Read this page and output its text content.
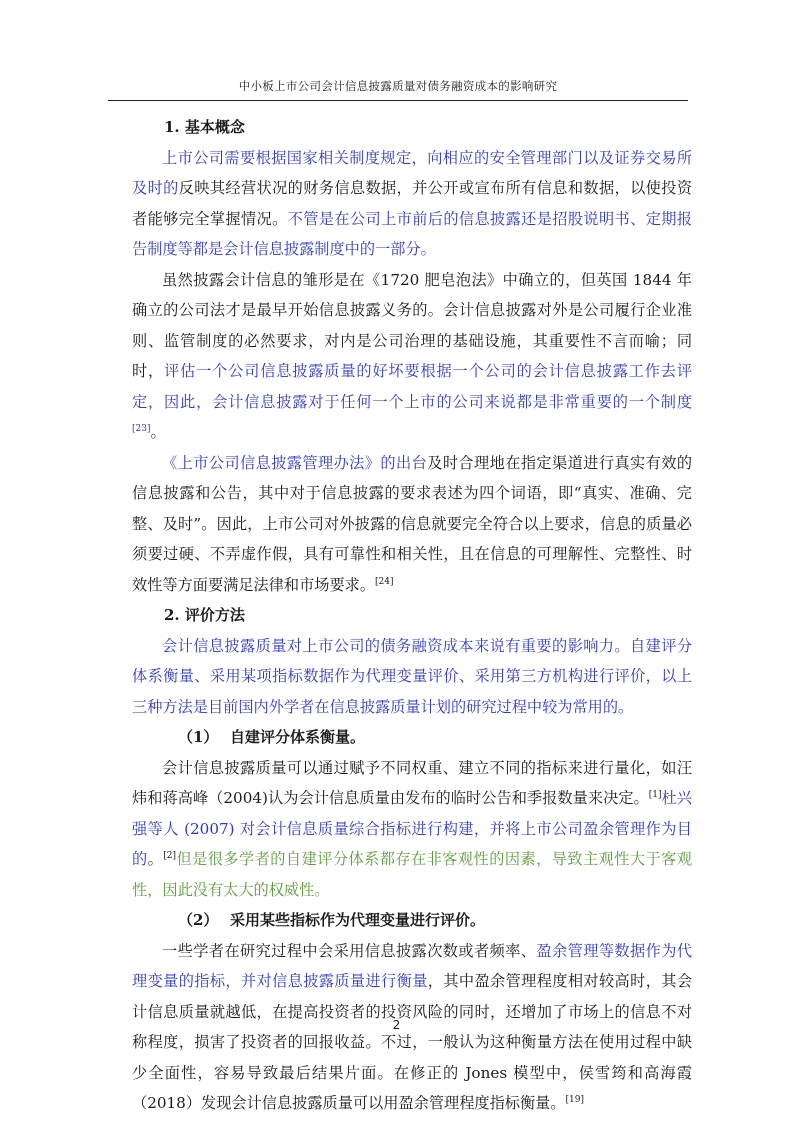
中小板上市公司会计信息披露质量对债务融资成本的影响研究
1. 基本概念

上市公司需要根据国家相关制度规定，向相应的安全管理部门以及证券交易所及时的反映其经营状况的财务信息数据，并公开或宣布所有信息和数据，以使投资者能够完全掌握情况。不管是在公司上市前后的信息披露还是招股说明书、定期报告制度等都是会计信息披露制度中的一部分。

虽然披露会计信息的雏形是在《1720 肥皂泡法》中确立的，但英国 1844 年确立的公司法才是最早开始信息披露义务的。会计信息披露对外是公司履行企业准则、监管制度的必然要求，对内是公司治理的基础设施，其重要性不言而喻；同时，评估一个公司信息披露质量的好坏要根据一个公司的会计信息披露工作去评定，因此，会计信息披露对于任何一个上市的公司来说都是非常重要的一个制度[23]。

《上市公司信息披露管理办法》的出台及时合理地在指定渠道进行真实有效的信息披露和公告，其中对于信息披露的要求表述为四个词语，即“真实、准确、完整、及时”。因此，上市公司对外披露的信息就要完全符合以上要求，信息的质量必须要过硬、不弄虚作假，具有可靠性和相关性，且在信息的可理解性、完整性、时效性等方面要满足法律和市场要求。[24]

2. 评价方法

会计信息披露质量对上市公司的债务融资成本来说有重要的影响力。自建评分体系衡量、采用某项指标数据作为代理变量评价、采用第三方机构进行评价，以上三种方法是目前国内外学者在信息披露质量计划的研究过程中较为常用的。

（1） 自建评分体系衡量。

会计信息披露质量可以通过赋予不同权重、建立不同的指标来进行量化，如汪炜和蒋高峰（2004)认为会计信息质量由发布的临时公告和季报数量来决定。[1]杜兴强等人 (2007) 对会计信息质量综合指标进行构建，并将上市公司盈余管理作为目的。[2]但是很多学者的自建评分体系都存在非客观性的因素，导致主观性大于客观性，因此没有太大的权威性。

（2） 采用某些指标作为代理变量进行评价。

一些学者在研究过程中会采用信息披露次数或者频率、盈余管理等数据作为代理变量的指标，并对信息披露质量进行衡量，其中盈余管理程度相对较高时，其会计信息质量就越低，在提高投资者的投资风险的同时，还增加了市场上的信息不对称程度，损害了投资者的回报收益。不过，一般认为这种衡量方法在使用过程中缺少全面性，容易导致最后结果片面。在修正的 Jones 模型中，侯雪筠和高海霞（2018）发现会计信息披露质量可以用盈余管理程度指标衡量。[19]

2
